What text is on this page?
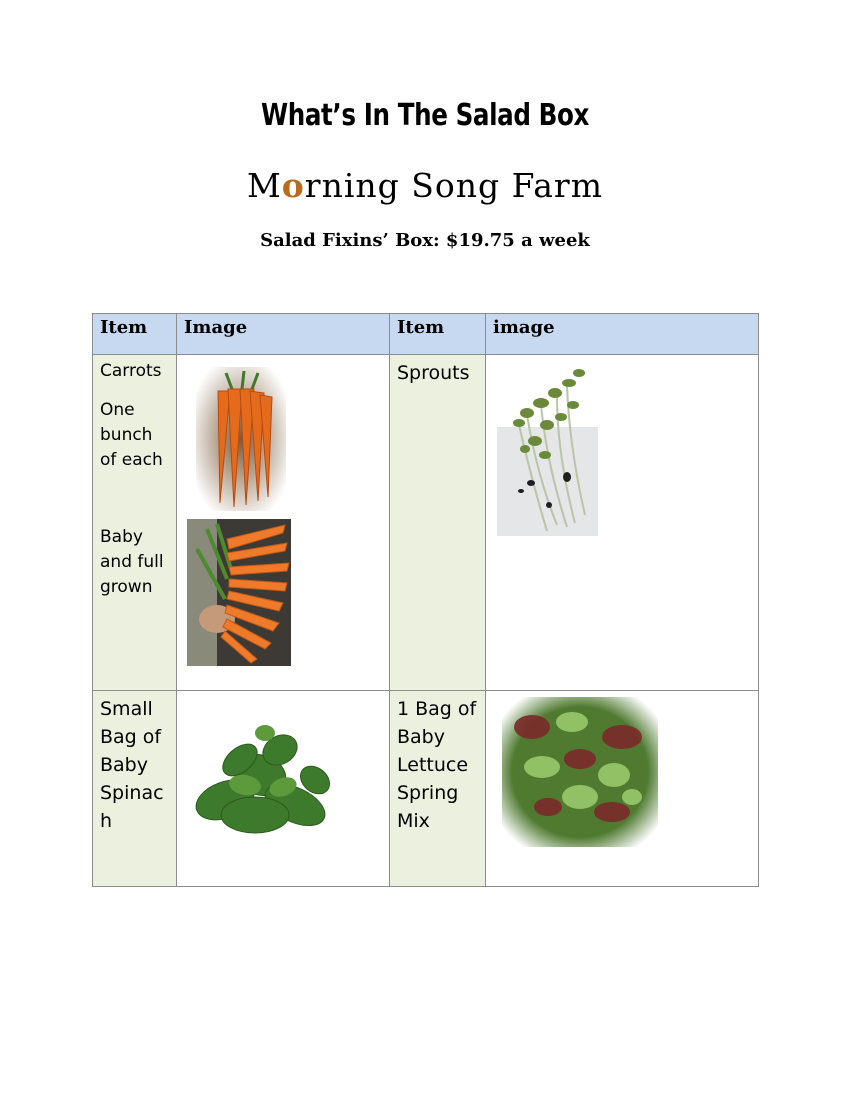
What’s In The Salad Box
Morning Song Farm
Salad Fixins’ Box: $19.75 a week
Item	Image	Item	image

Carrots
One bunch of each
Baby and full grown		Sprouts

Small Bag of Baby Spinac h		1 Bag of Baby Lettuce Spring Mix
